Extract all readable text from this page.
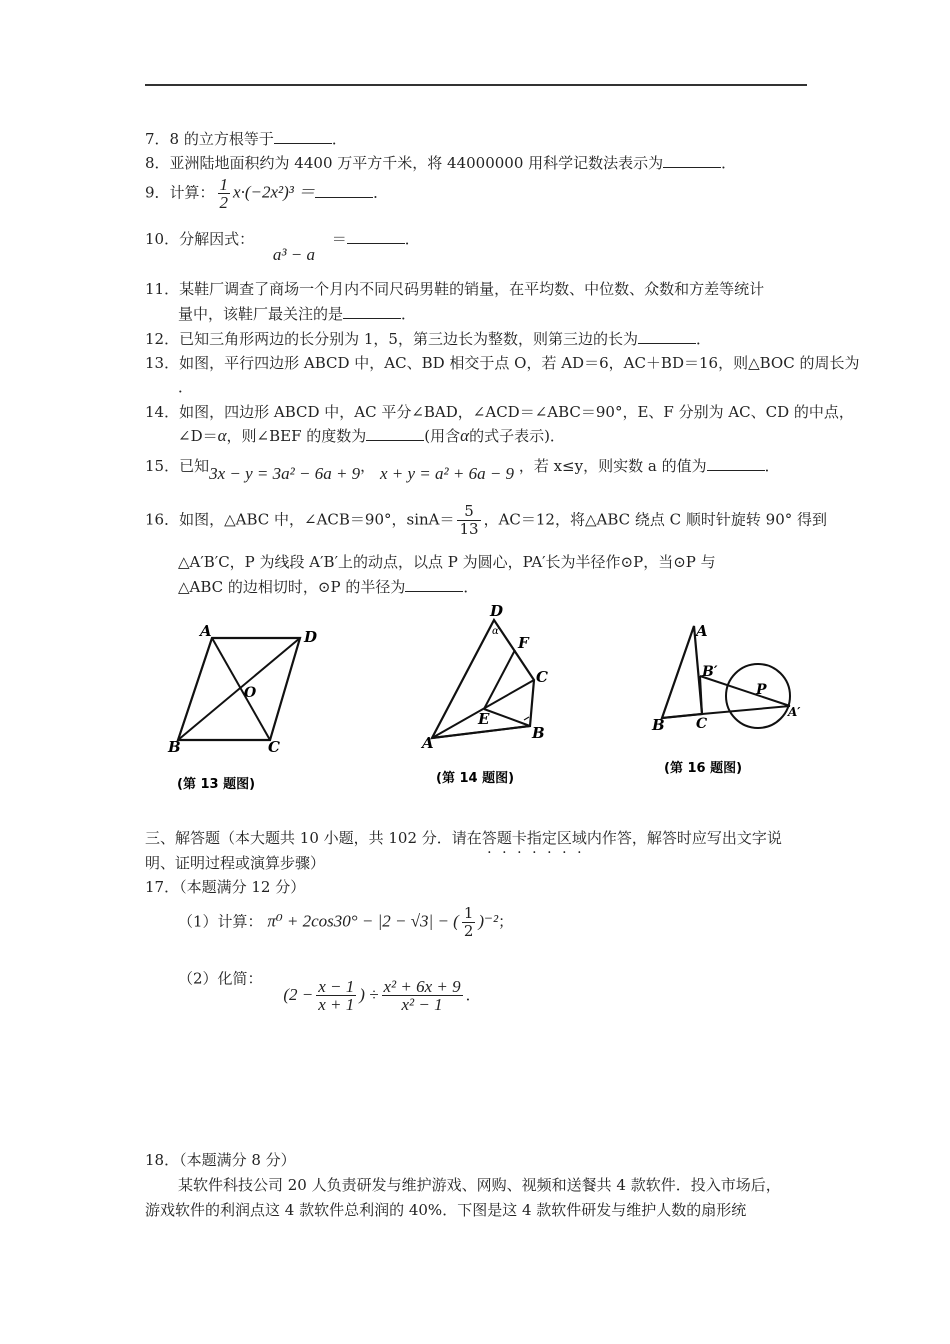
7．8 的立方根等于	．
8．亚洲陆地面积约为 4400 万平方千米，将 44000000 用科学记数法表示为	．
9．计算： $\frac{1}{2} x\cdot(-2x^2)^3$ ＝	．
10．分解因式： a³ − a ＝	．
11．某鞋厂调查了商场一个月内不同尺码男鞋的销量，在平均数、中位数、众数和方差等统计
量中，该鞋厂最关注的是	．
12．已知三角形两边的长分别为 1，5，第三边长为整数，则第三边的长为	．
13．如图，平行四边形 ABCD 中，AC、BD 相交于点 O，若 AD＝6，AC＋BD＝16，则△BOC 的周长为
．
14．如图，四边形 ABCD 中，AC 平分∠BAD，∠ACD＝∠ABC＝90°，E、F 分别为 AC、CD 的中点，
∠D＝α，则∠BEF 的度数为	(用含α的式子表示)．
15．已知3x − y = 3a² − 6a + 9， x + y = a² + 6a − 9 ，若 x≤y，则实数 a 的值为	．
16．如图，△ABC 中，∠ACB＝90°，$\sin A= \frac{5}{13}$ ，AC＝12，将△ABC 绕点 C 顺时针旋转 90° 得到
△A′B′C，P 为线段 A′B′上的动点，以点 P 为圆心，PA′长为半径作⊙P，当⊙P 与
△ABC 的边相切时，⊙P 的半径为	．
A	D
B	C
O
(第 13 题图)
D
α
F
C
E
A
B
(第 14 题图)
A
B′
P
A′
B C
(第 16 题图)
三、解答题（本大题共 10 小题，共 102 分．请在答题卡指定区域内作答，解答时应写出文字说
明、证明过程或演算步骤）
17．（本题满分 12 分）
（1）计算： π⁰ + 2cos30° − |2 − √3| − ( $\frac{1}{2} )^{-2}$；
（2）化简： ($2 - \frac{x - 1}{x + 1}$ ) ÷ $\frac{\text{x² + 6x + 9}}{\text{x² − 1}}$ ．
18．（本题满分 8 分）
某软件科技公司 20 人负责研发与维护游戏、网购、视频和送餐共 4 款软件．投入市场后，
游戏软件的利润点这 4 款软件总利润的 40%．下图是这 4 款软件研发与维护人数的扇形统
